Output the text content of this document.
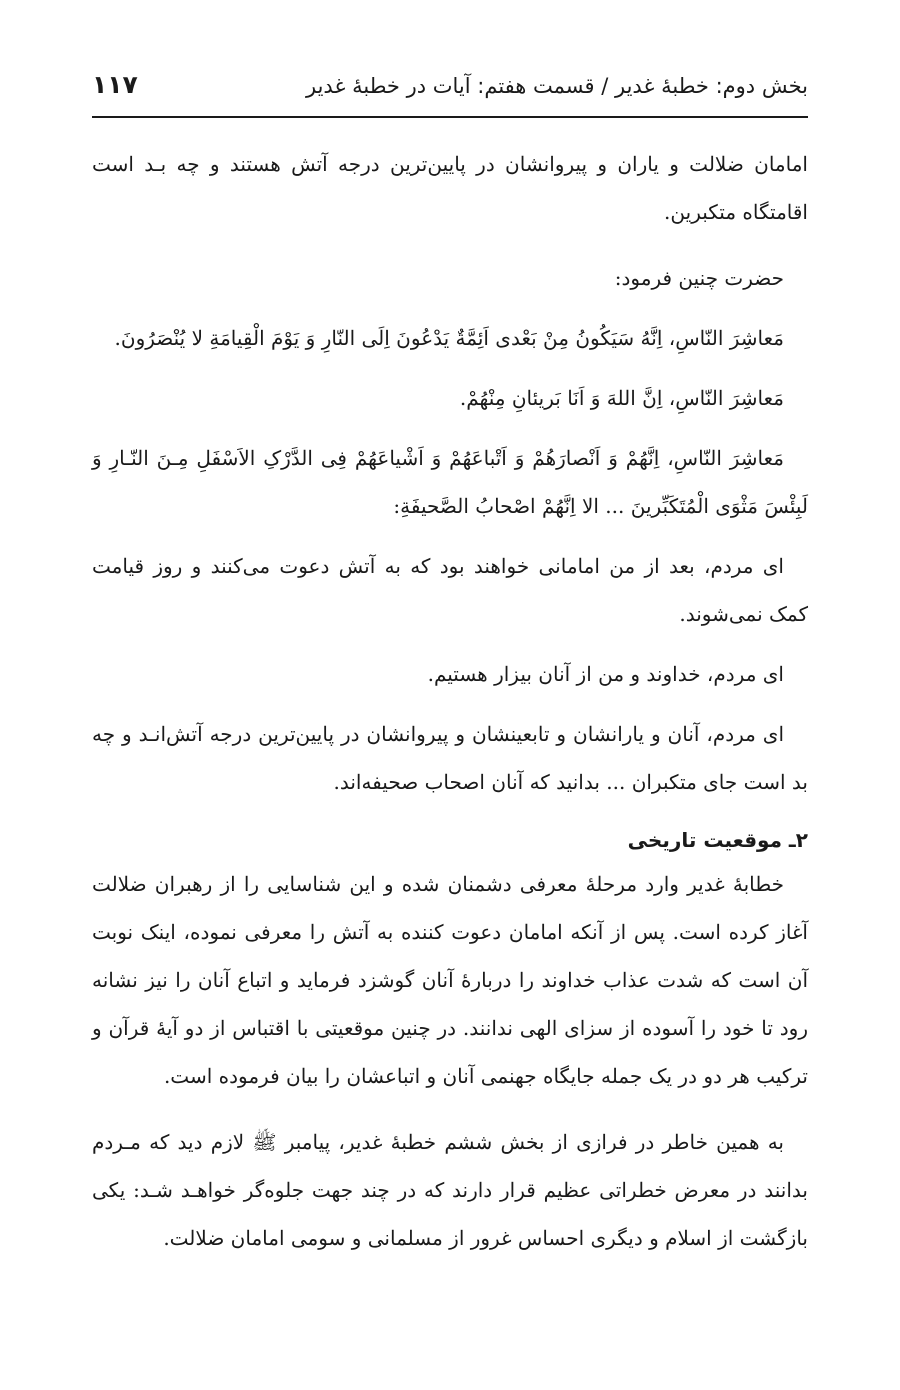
بخش دوم: خطبهٔ غدیر / قسمت هفتم: آیات در خطبهٔ غدیر
۱۱۷

امامان ضلالت و یاران و پیروانشان در پایین‌ترین درجه آتش هستند و چه بـد است اقامتگاه متکبرین.

حضرت چنین فرمود:

مَعاشِرَ النّاسِ، اِنَّهُ سَیَکُونُ مِنْ بَعْدی اَئِمَّةٌ یَدْعُونَ اِلَی النّارِ وَ یَوْمَ الْقِیامَةِ لا یُنْصَرُونَ.

مَعاشِرَ النّاسِ، اِنَّ اللهَ وَ اَنَا بَریئانِ مِنْهُمْ.

مَعاشِرَ النّاسِ، اِنَّهُمْ وَ اَنْصارَهُمْ وَ اَتْباعَهُمْ وَ اَشْیاعَهُمْ فِی الدَّرْکِ الاَسْفَلِ مِـنَ النّـارِ وَ لَبِئْسَ مَثْوَی الْمُتَکَبِّرینَ ... الا اِنَّهُمْ اصْحابُ الصَّحیفَةِ:

ای مردم، بعد از من امامانی خواهند بود که به آتش دعوت می‌کنند و روز قیامت کمک نمی‌شوند.

ای مردم، خداوند و من از آنان بیزار هستیم.

ای مردم، آنان و یارانشان و تابعینشان و پیروانشان در پایین‌ترین درجه آتش‌انـد و چه بد است جای متکبران ... بدانید که آنان اصحاب صحیفه‌اند.

۲ـ موقعیت تاریخی

خطابهٔ غدیر وارد مرحلهٔ معرفی دشمنان شده و این شناسایی را از رهبران ضلالت آغاز کرده است. پس از آنکه امامان دعوت کننده به آتش را معرفی نموده، اینک نوبت آن است که شدت عذاب خداوند را دربارهٔ آنان گوشزد فرماید و اتباع آنان را نیز نشانه رود تا خود را آسوده از سزای الهی ندانند. در چنین موقعیتی با اقتباس از دو آیهٔ قرآن و ترکیب هر دو در یک جمله جایگاه جهنمی آنان و اتباعشان را بیان فرموده است.

به همین خاطر در فرازی از بخش ششم خطبهٔ غدیر، پیامبر ﷺ لازم دید که مـردم بدانند در معرض خطراتی عظیم قرار دارند که در چند جهت جلوه‌گر خواهـد شـد: یکی بازگشت از اسلام و دیگری احساس غرور از مسلمانی و سومی امامان ضلالت.
